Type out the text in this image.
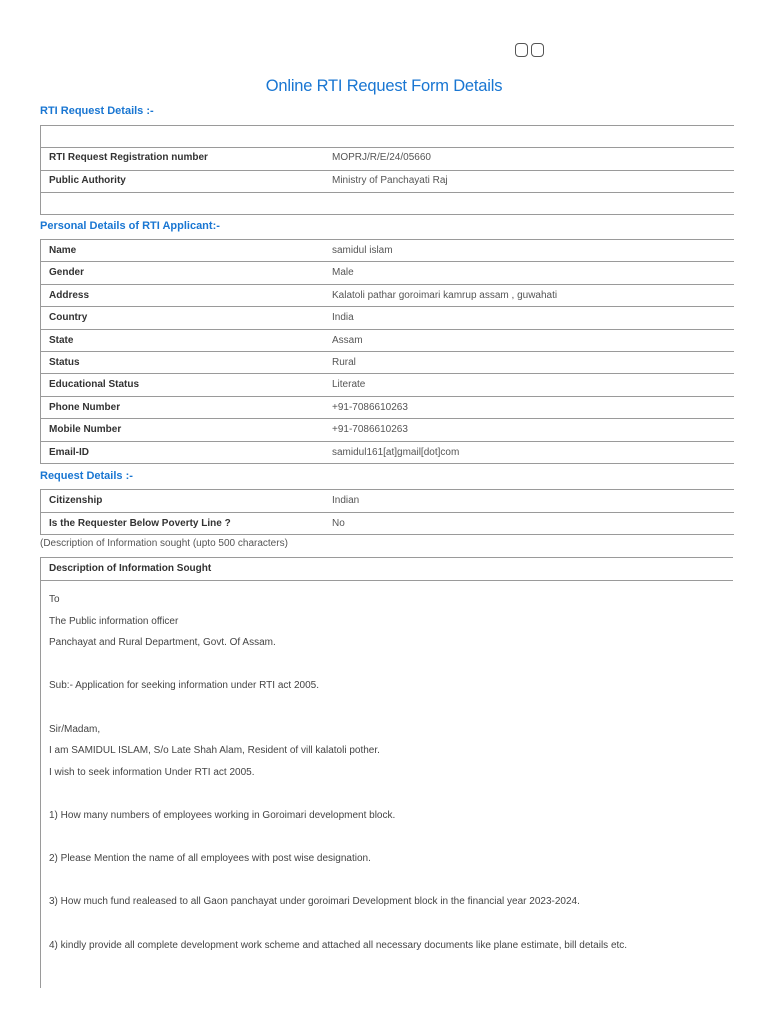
Online RTI Request Form Details
RTI Request Details :-
RTI Request Registration number	MOPRJ/R/E/24/05660
Public Authority	Ministry of Panchayati Raj
Personal Details of RTI Applicant:-
Name	samidul islam
Gender	Male
Address	Kalatoli pathar goroimari kamrup assam , guwahati
Country	India
State	Assam
Status	Rural
Educational Status	Literate
Phone Number	+91-7086610263
Mobile Number	+91-7086610263
Email-ID	samidul161[at]gmail[dot]com
Request Details :-
Citizenship	Indian
Is the Requester Below Poverty Line ?	No
(Description of Information sought (upto 500 characters)
Description of Information Sought
To
The Public information officer
Panchayat and Rural Department, Govt. Of Assam.
Sub:- Application for seeking information under RTI act 2005.
Sir/Madam,
I am SAMIDUL ISLAM, S/o Late Shah Alam, Resident of vill kalatoli pother.
I wish to seek information Under RTI act 2005.
1) How many numbers of employees working in Goroimari development block.
2) Please Mention the name of all employees with post wise designation.
3) How much fund realeased to all Gaon panchayat under goroimari Development block in the financial year 2023-2024.
4) kindly provide all complete development work scheme and attached all necessary documents like plane estimate, bill details etc.
